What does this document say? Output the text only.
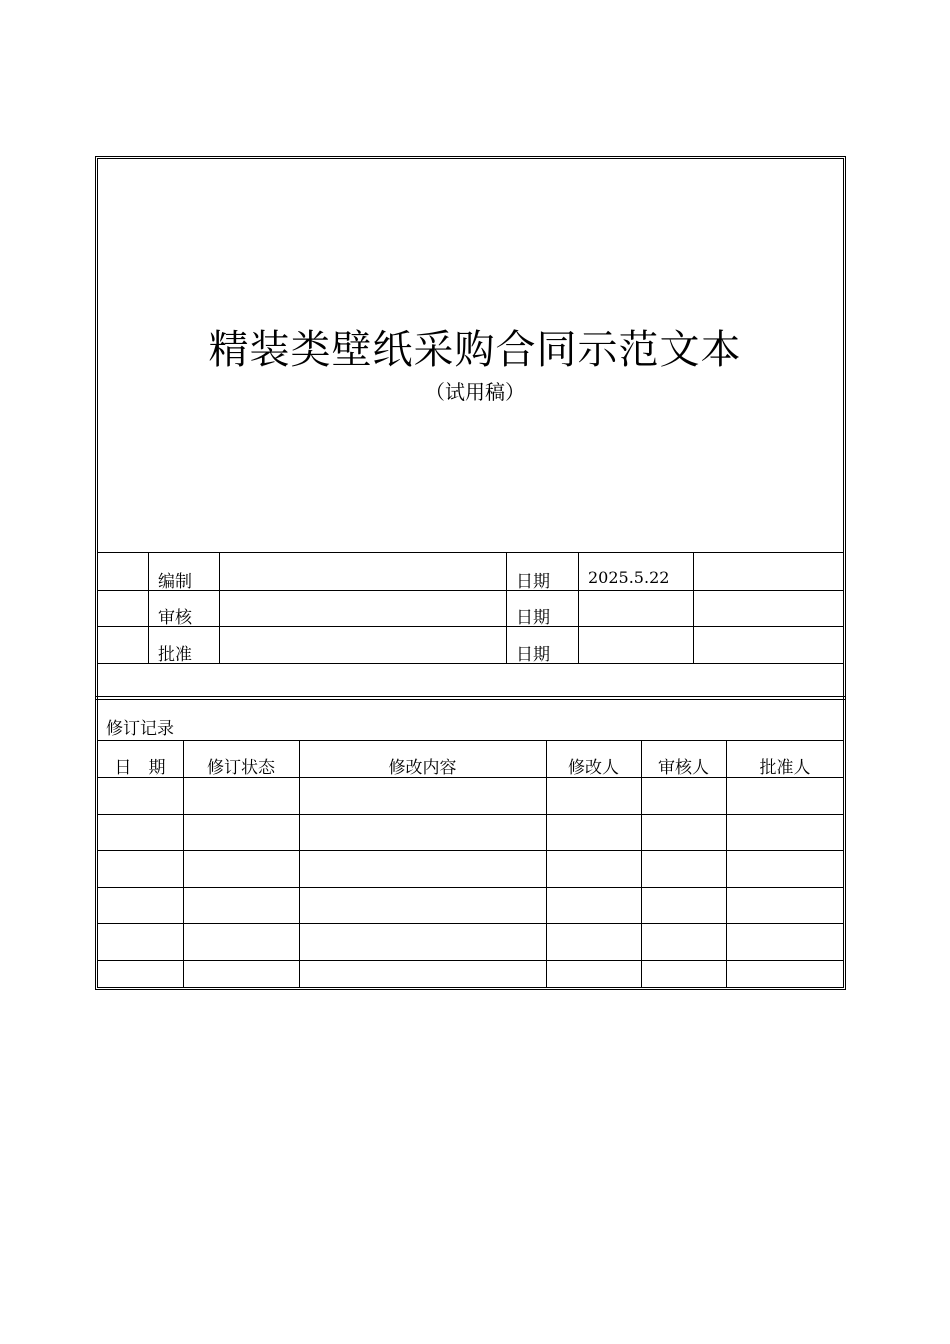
精装类壁纸采购合同示范文本
（试用稿）
编制	日期 2025.5.22
审核	日期
批准	日期
修订记录
日　期	修订状态	修改内容	修改人	审核人	批准人
